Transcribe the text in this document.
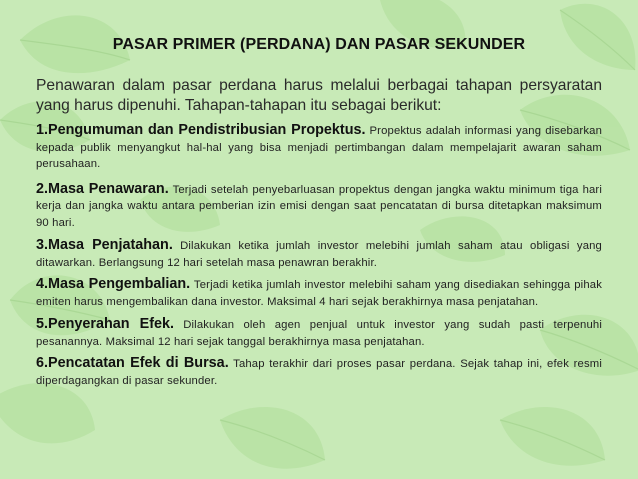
PASAR PRIMER (PERDANA) DAN PASAR SEKUNDER
Penawaran dalam pasar perdana harus melalui berbagai tahapan persyaratan yang harus dipenuhi. Tahapan-tahapan itu sebagai berikut:
1.Pengumuman dan Pendistribusian Propektus. Propektus adalah informasi yang disebarkan kepada publik menyangkut hal-hal yang bisa menjadi pertimbangan dalam mempelajarit awaran saham perusahaan.
2.Masa Penawaran. Terjadi setelah penyebarluasan propektus dengan jangka waktu minimum tiga hari kerja dan jangka waktu antara pemberian izin emisi dengan saat pencatatan di bursa ditetapkan maksimum 90 hari.
3.Masa Penjatahan. Dilakukan ketika jumlah investor melebihi jumlah saham atau obligasi yang ditawarkan. Berlangsung 12 hari setelah masa penawran berakhir.
4.Masa Pengembalian. Terjadi ketika jumlah investor melebihi saham yang disediakan sehingga pihak emiten harus mengembalikan dana investor. Maksimal 4 hari sejak berakhirnya masa penjatahan.
5.Penyerahan Efek. Dilakukan oleh agen penjual untuk investor yang sudah pasti terpenuhi pesanannya. Maksimal 12 hari sejak tanggal berakhirnya masa penjatahan.
6.Pencatatan Efek di Bursa. Tahap terakhir dari proses pasar perdana. Sejak tahap ini, efek resmi diperdagangkan di pasar sekunder.
